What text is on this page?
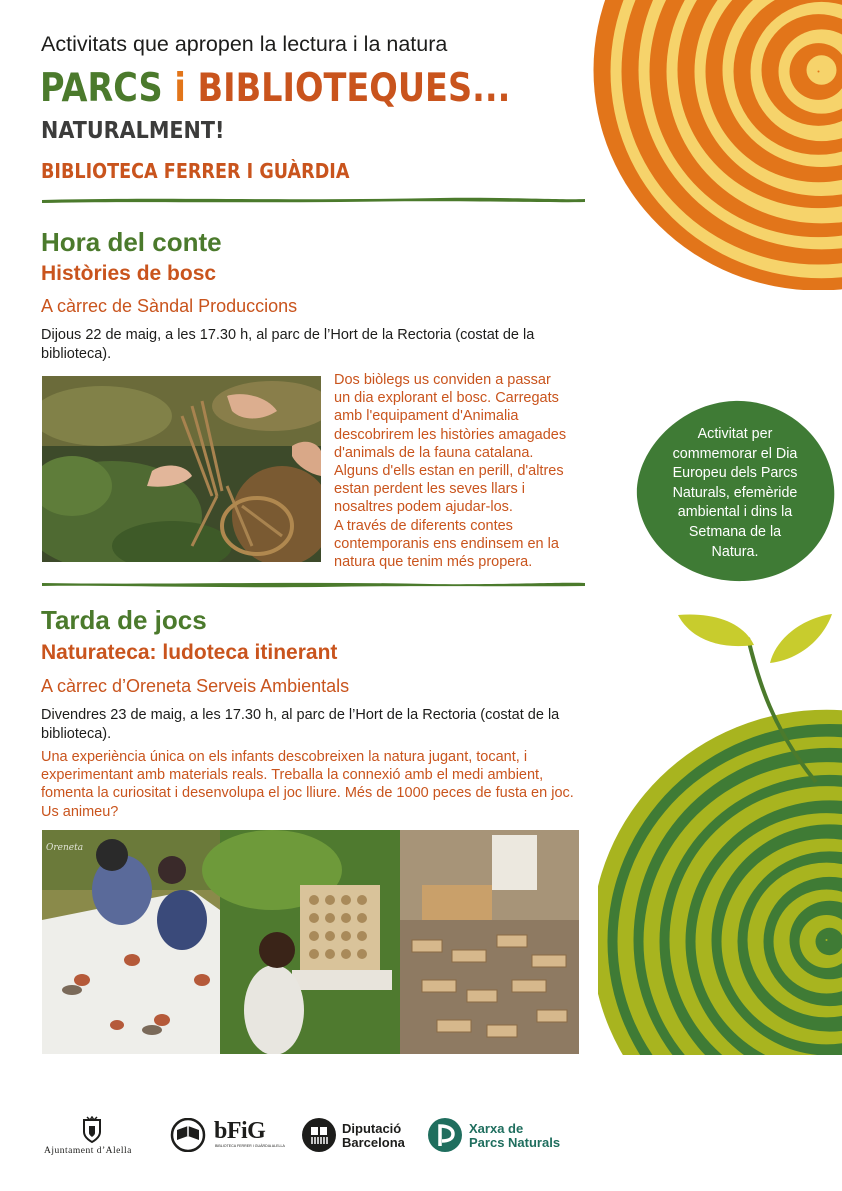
Activitats que apropen la lectura i la natura
PARCS i BIBLIOTEQUES...
NATURALMENT!
BIBLIOTECA FERRER I GUÀRDIA
Hora del conte
Històries de bosc
A càrrec de Sàndal Produccions
Dijous 22 de maig, a les 17.30 h, al parc de l’Hort de la Rectoria (costat de la biblioteca).
Dos biòlegs us conviden a passar
un dia explorant el bosc. Carregats
amb l'equipament d'Animalia
descobrirem les històries amagades
d'animals de la fauna catalana.
Alguns d'ells estan en perill, d'altres
estan perdent les seves llars i
nosaltres podem ajudar-los.
A través de diferents contes
contemporanis ens endinsem en la
natura que tenim més propera.
Tarda de jocs
Naturateca: ludoteca itinerant
A càrrec d’Oreneta Serveis Ambientals
Divendres 23 de maig, a les 17.30 h, al parc de l’Hort de la Rectoria (costat de la biblioteca).
Una experiència única on els infants descobreixen la natura jugant, tocant, i experimentant amb materials reals. Treballa la connexió amb el medi ambient, fomenta la curiositat i desenvolupa el joc lliure. Més de 1000 peces de fusta en joc. Us animeu?
Oreneta
Activitat per
commemorar el Dia
Europeu dels Parcs
Naturals, efemèride
ambiental i dins la
Setmana de la
Natura.
Ajuntament d’Alella
bFiG
BIBLIOTECA FERRER I GUÀRDIA ALELLA
Diputació
Barcelona
Xarxa de
Parcs Naturals
